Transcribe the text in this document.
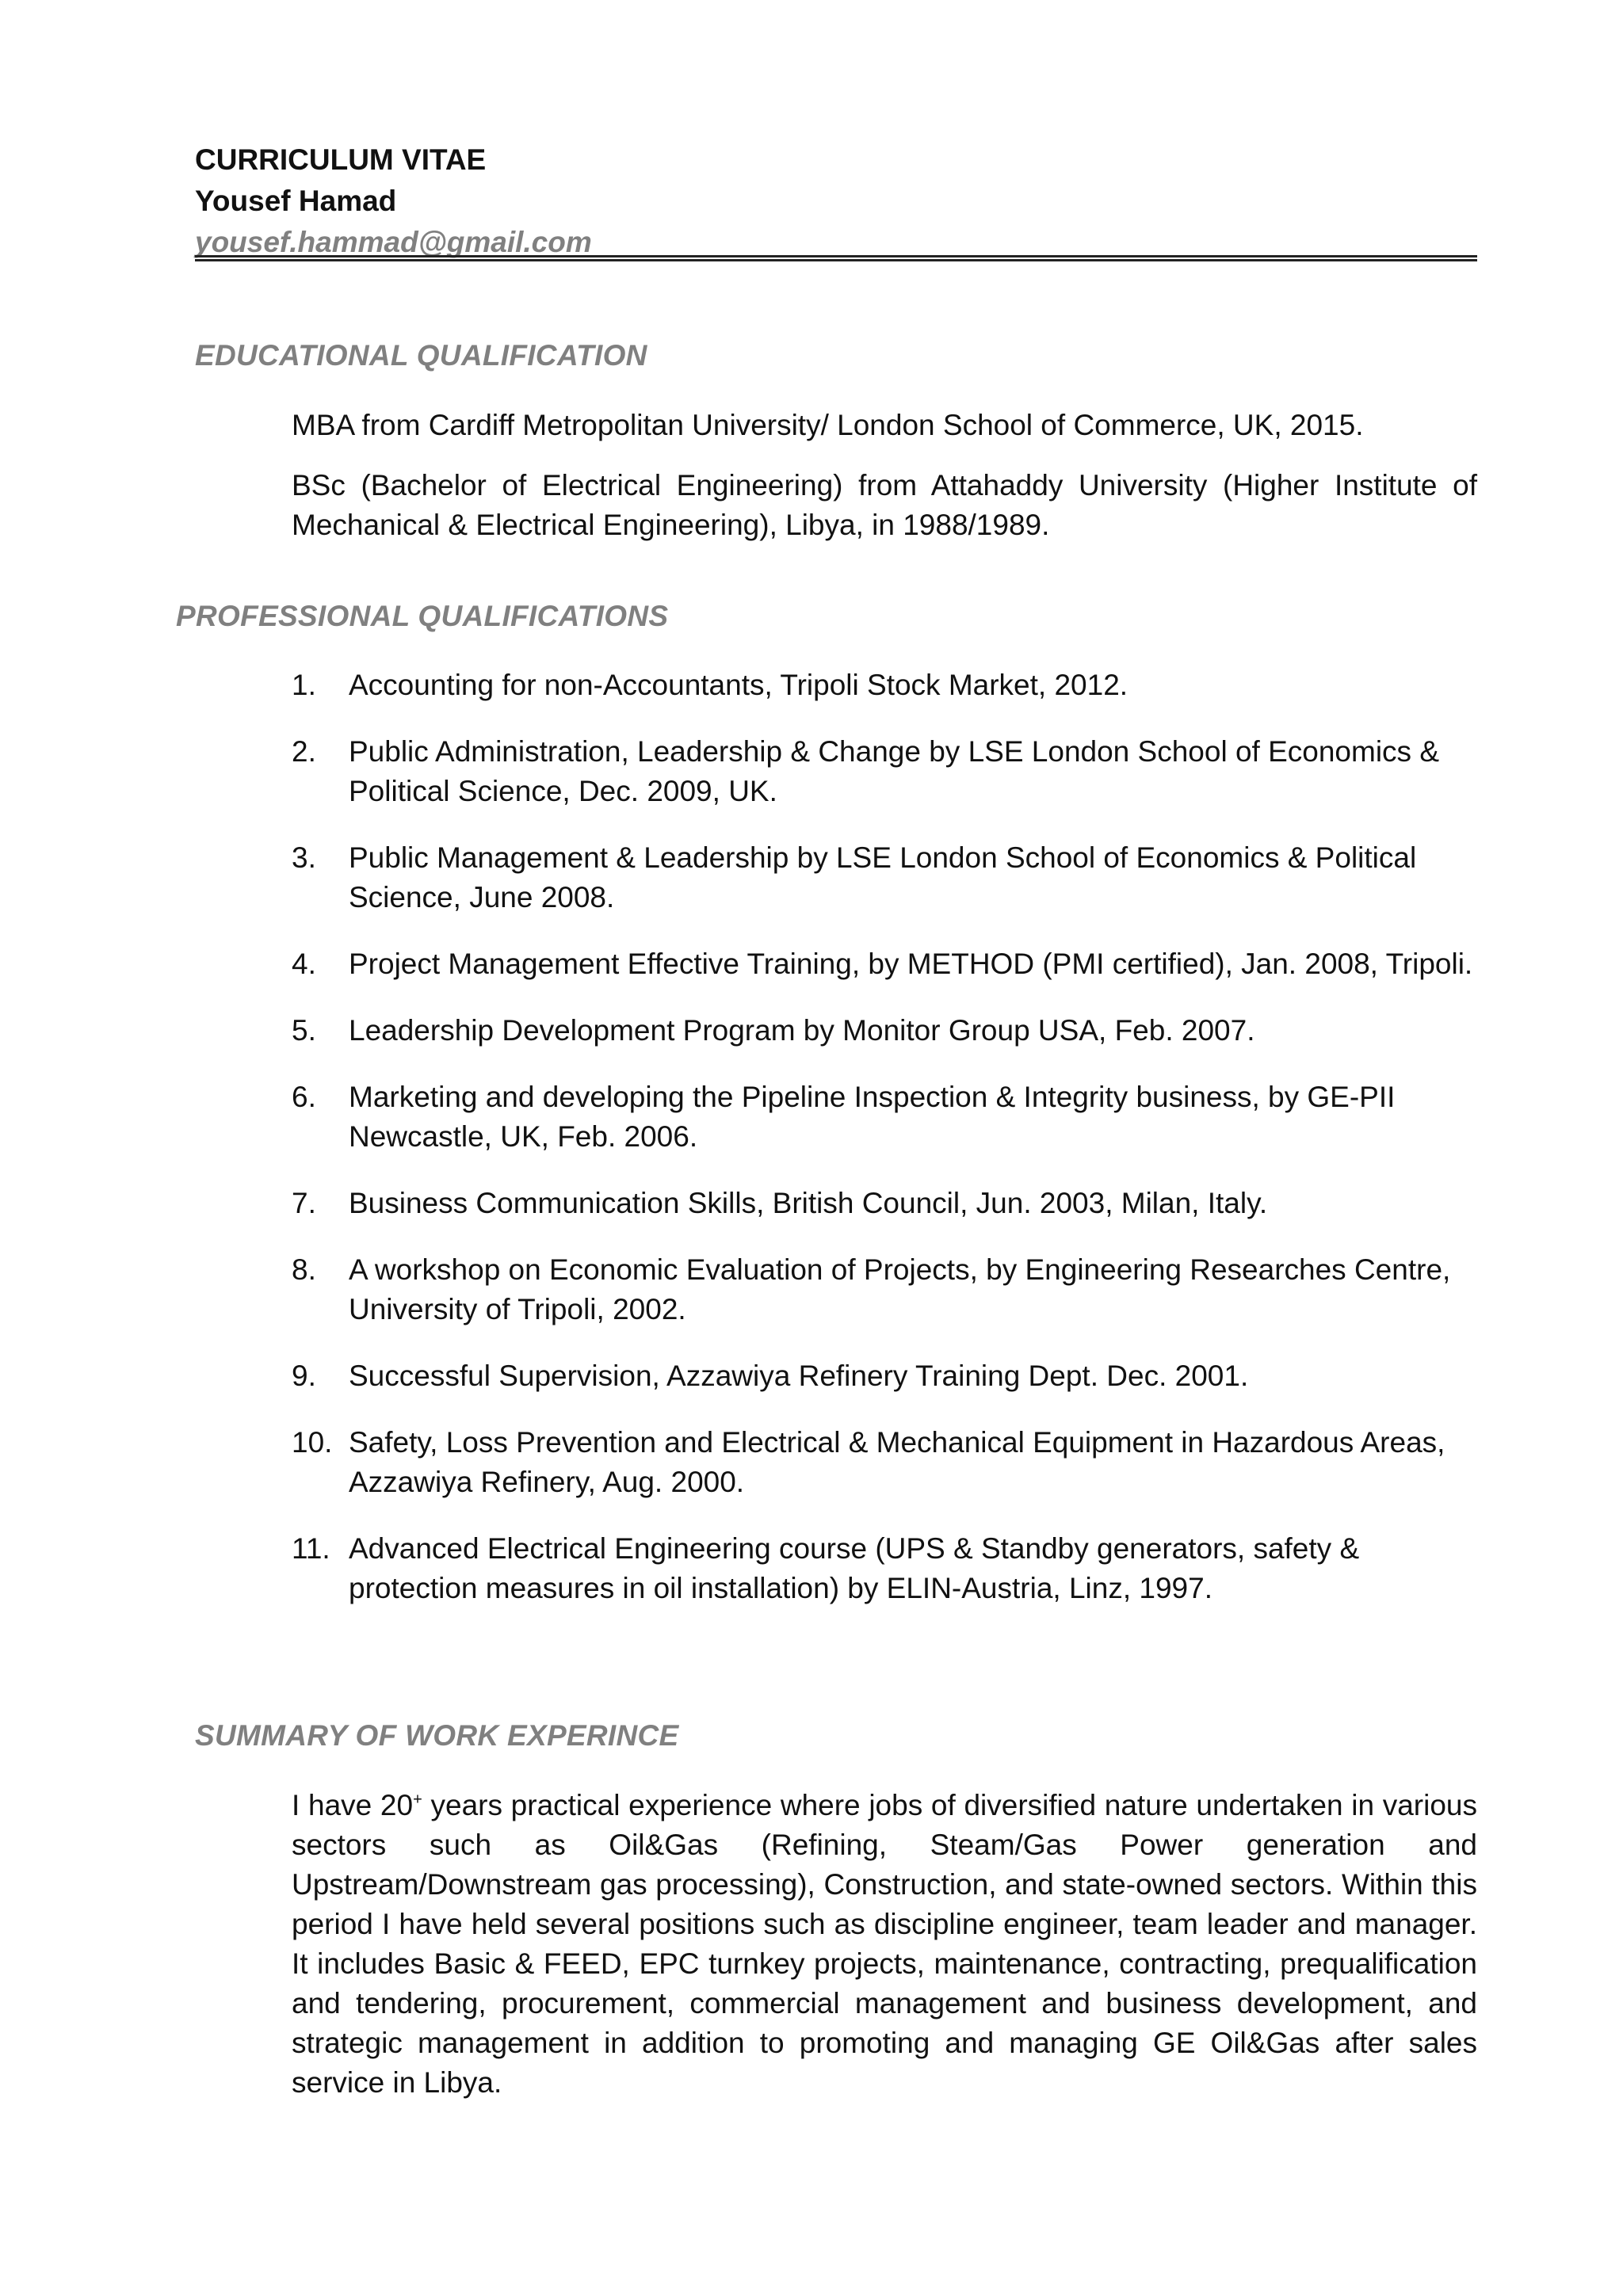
CURRICULUM VITAE
Yousef Hamad
yousef.hammad@gmail.com
EDUCATIONAL QUALIFICATION
MBA from Cardiff Metropolitan University/ London School of Commerce, UK, 2015.
BSc (Bachelor of Electrical Engineering) from Attahaddy University (Higher Institute of Mechanical & Electrical Engineering), Libya, in 1988/1989.
PROFESSIONAL QUALIFICATIONS
1. Accounting for non-Accountants, Tripoli Stock Market, 2012.
2. Public Administration, Leadership & Change by LSE London School of Economics & Political Science, Dec. 2009, UK.
3. Public Management & Leadership by LSE London School of Economics & Political Science, June 2008.
4. Project Management Effective Training, by METHOD (PMI certified), Jan. 2008, Tripoli.
5. Leadership Development Program by Monitor Group USA, Feb. 2007.
6. Marketing and developing the Pipeline Inspection & Integrity business, by GE-PII Newcastle, UK, Feb. 2006.
7. Business Communication Skills, British Council, Jun. 2003, Milan, Italy.
8. A workshop on Economic Evaluation of Projects, by Engineering Researches Centre, University of Tripoli, 2002.
9. Successful Supervision, Azzawiya Refinery Training Dept. Dec. 2001.
10. Safety, Loss Prevention and Electrical & Mechanical Equipment in Hazardous Areas, Azzawiya Refinery, Aug. 2000.
11. Advanced Electrical Engineering course (UPS & Standby generators, safety & protection measures in oil installation) by ELIN-Austria, Linz, 1997.
SUMMARY OF WORK EXPERINCE
I have 20+ years practical experience where jobs of diversified nature undertaken in various sectors such as Oil&Gas (Refining, Steam/Gas Power generation and Upstream/Downstream gas processing), Construction, and state-owned sectors. Within this period I have held several positions such as discipline engineer, team leader and manager. It includes Basic & FEED, EPC turnkey projects, maintenance, contracting, prequalification and tendering, procurement, commercial management and business development, and strategic management in addition to promoting and managing GE Oil&Gas after sales service in Libya.
